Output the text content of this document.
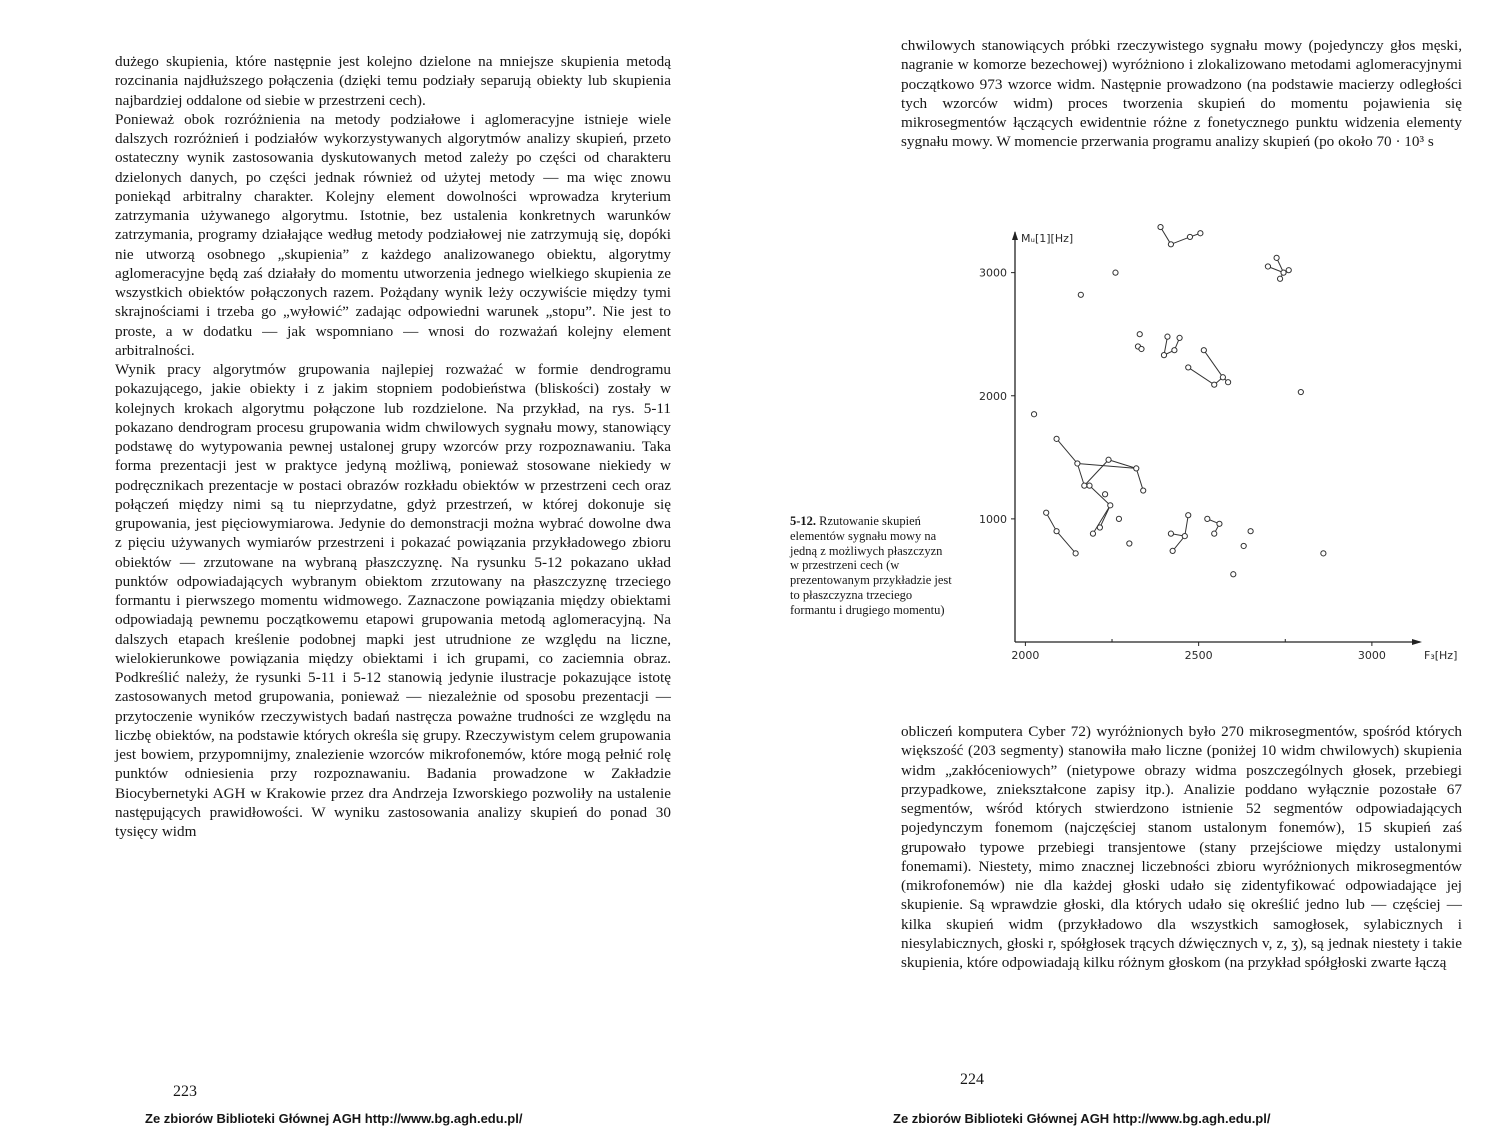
dużego skupienia, które następnie jest kolejno dzielone na mniejsze skupienia metodą rozcinania najdłuższego połączenia (dzięki temu podziały separują obiekty lub skupienia najbardziej oddalone od siebie w przestrzeni cech).

Ponieważ obok rozróżnienia na metody podziałowe i aglomeracyjne istnieje wiele dalszych rozróżnień i podziałów wykorzystywanych algorytmów analizy skupień, przeto ostateczny wynik zastosowania dyskutowanych metod zależy po części od charakteru dzielonych danych, po części jednak również od użytej metody — ma więc znowu poniekąd arbitralny charakter. Kolejny element dowolności wprowadza kryterium zatrzymania używanego algorytmu. Istotnie, bez ustalenia konkretnych warunków zatrzymania, programy działające według metody podziałowej nie zatrzymują się, dopóki nie utworzą osobnego „skupienia” z każdego analizowanego obiektu, algorytmy aglomeracyjne będą zaś działały do momentu utworzenia jednego wielkiego skupienia ze wszystkich obiektów połączonych razem. Pożądany wynik leży oczywiście między tymi skrajnościami i trzeba go „wyłowić” zadając odpowiedni warunek „stopu”. Nie jest to proste, a w dodatku — jak wspomniano — wnosi do rozważań kolejny element arbitralności.

Wynik pracy algorytmów grupowania najlepiej rozważać w formie dendrogramu pokazującego, jakie obiekty i z jakim stopniem podobieństwa (bliskości) zostały w kolejnych krokach algorytmu połączone lub rozdzielone. Na przykład, na rys. 5-11 pokazano dendrogram procesu grupowania widm chwilowych sygnału mowy, stanowiący podstawę do wytypowania pewnej ustalonej grupy wzorców przy rozpoznawaniu. Taka forma prezentacji jest w praktyce jedyną możliwą, ponieważ stosowane niekiedy w podręcznikach prezentacje w postaci obrazów rozkładu obiektów w przestrzeni cech oraz połączeń między nimi są tu nieprzydatne, gdyż przestrzeń, w której dokonuje się grupowania, jest pięciowymiarowa. Jedynie do demonstracji można wybrać dowolne dwa z pięciu używanych wymiarów przestrzeni i pokazać powiązania przykładowego zbioru obiektów — zrzutowane na wybraną płaszczyznę. Na rysunku 5-12 pokazano układ punktów odpowiadających wybranym obiektom zrzutowany na płaszczyznę trzeciego formantu i pierwszego momentu widmowego. Zaznaczone powiązania między obiektami odpowiadają pewnemu początkowemu etapowi grupowania metodą aglomeracyjną. Na dalszych etapach kreślenie podobnej mapki jest utrudnione ze względu na liczne, wielokierunkowe powiązania między obiektami i ich grupami, co zaciemnia obraz. Podkreślić należy, że rysunki 5-11 i 5-12 stanowią jedynie ilustracje pokazujące istotę zastosowanych metod grupowania, ponieważ — niezależnie od sposobu prezentacji — przytoczenie wyników rzeczywistych badań nastręcza poważne trudności ze względu na liczbę obiektów, na podstawie których określa się grupy. Rzeczywistym celem grupowania jest bowiem, przypomnijmy, znalezienie wzorców mikrofonemów, które mogą pełnić rolę punktów odniesienia przy rozpoznawaniu. Badania prowadzone w Zakładzie Biocybernetyki AGH w Krakowie przez dra Andrzeja Izworskiego pozwoliły na ustalenie następujących prawidłowości. W wyniku zastosowania analizy skupień do ponad 30 tysięcy widm

223
Ze zbiorów Biblioteki Głównej AGH http://www.bg.agh.edu.pl/
chwilowych stanowiących próbki rzeczywistego sygnału mowy (pojedynczy głos męski, nagranie w komorze bezechowej) wyróżniono i zlokalizowano metodami aglomeracyjnymi początkowo 973 wzorce widm. Następnie prowadzono (na podstawie macierzy odległości tych wzorców widm) proces tworzenia skupień do momentu pojawienia się mikrosegmentów łączących ewidentnie różne z fonetycznego punktu widzenia elementy sygnału mowy. W momencie przerwania programu analizy skupień (po około 70 · 10³ s
5-12. Rzutowanie skupień elementów sygnału mowy na jedną z możliwych płaszczyzn w przestrzeni cech (w prezentowanym przykładzie jest to płaszczyzna trzeciego formantu i drugiego momentu)
Mᵤ[1][Hz]
F₃[Hz]
1000
2000
3000
2000	2500	3000
obliczeń komputera Cyber 72) wyróżnionych było 270 mikrosegmentów, spośród których większość (203 segmenty) stanowiła mało liczne (poniżej 10 widm chwilowych) skupienia widm „zakłóceniowych” (nietypowe obrazy widma poszczególnych głosek, przebiegi przypadkowe, zniekształcone zapisy itp.). Analizie poddano wyłącznie pozostałe 67 segmentów, wśród których stwierdzono istnienie 52 segmentów odpowiadających pojedynczym fonemom (najczęściej stanom ustalonym fonemów), 15 skupień zaś grupowało typowe przebiegi transjentowe (stany przejściowe między ustalonymi fonemami). Niestety, mimo znacznej liczebności zbioru wyróżnionych mikrosegmentów (mikrofonemów) nie dla każdej głoski udało się zidentyfikować odpowiadające jej skupienie. Są wprawdzie głoski, dla których udało się określić jedno lub — częściej — kilka skupień widm (przykładowo dla wszystkich samogłosek, sylabicznych i niesylabicznych, głoski r, spółgłosek trących dźwięcznych v, z, ʒ), są jednak niestety i takie skupienia, które odpowiadają kilku różnym głoskom (na przykład spółgłoski zwarte łączą
224
Ze zbiorów Biblioteki Głównej AGH http://www.bg.agh.edu.pl/
